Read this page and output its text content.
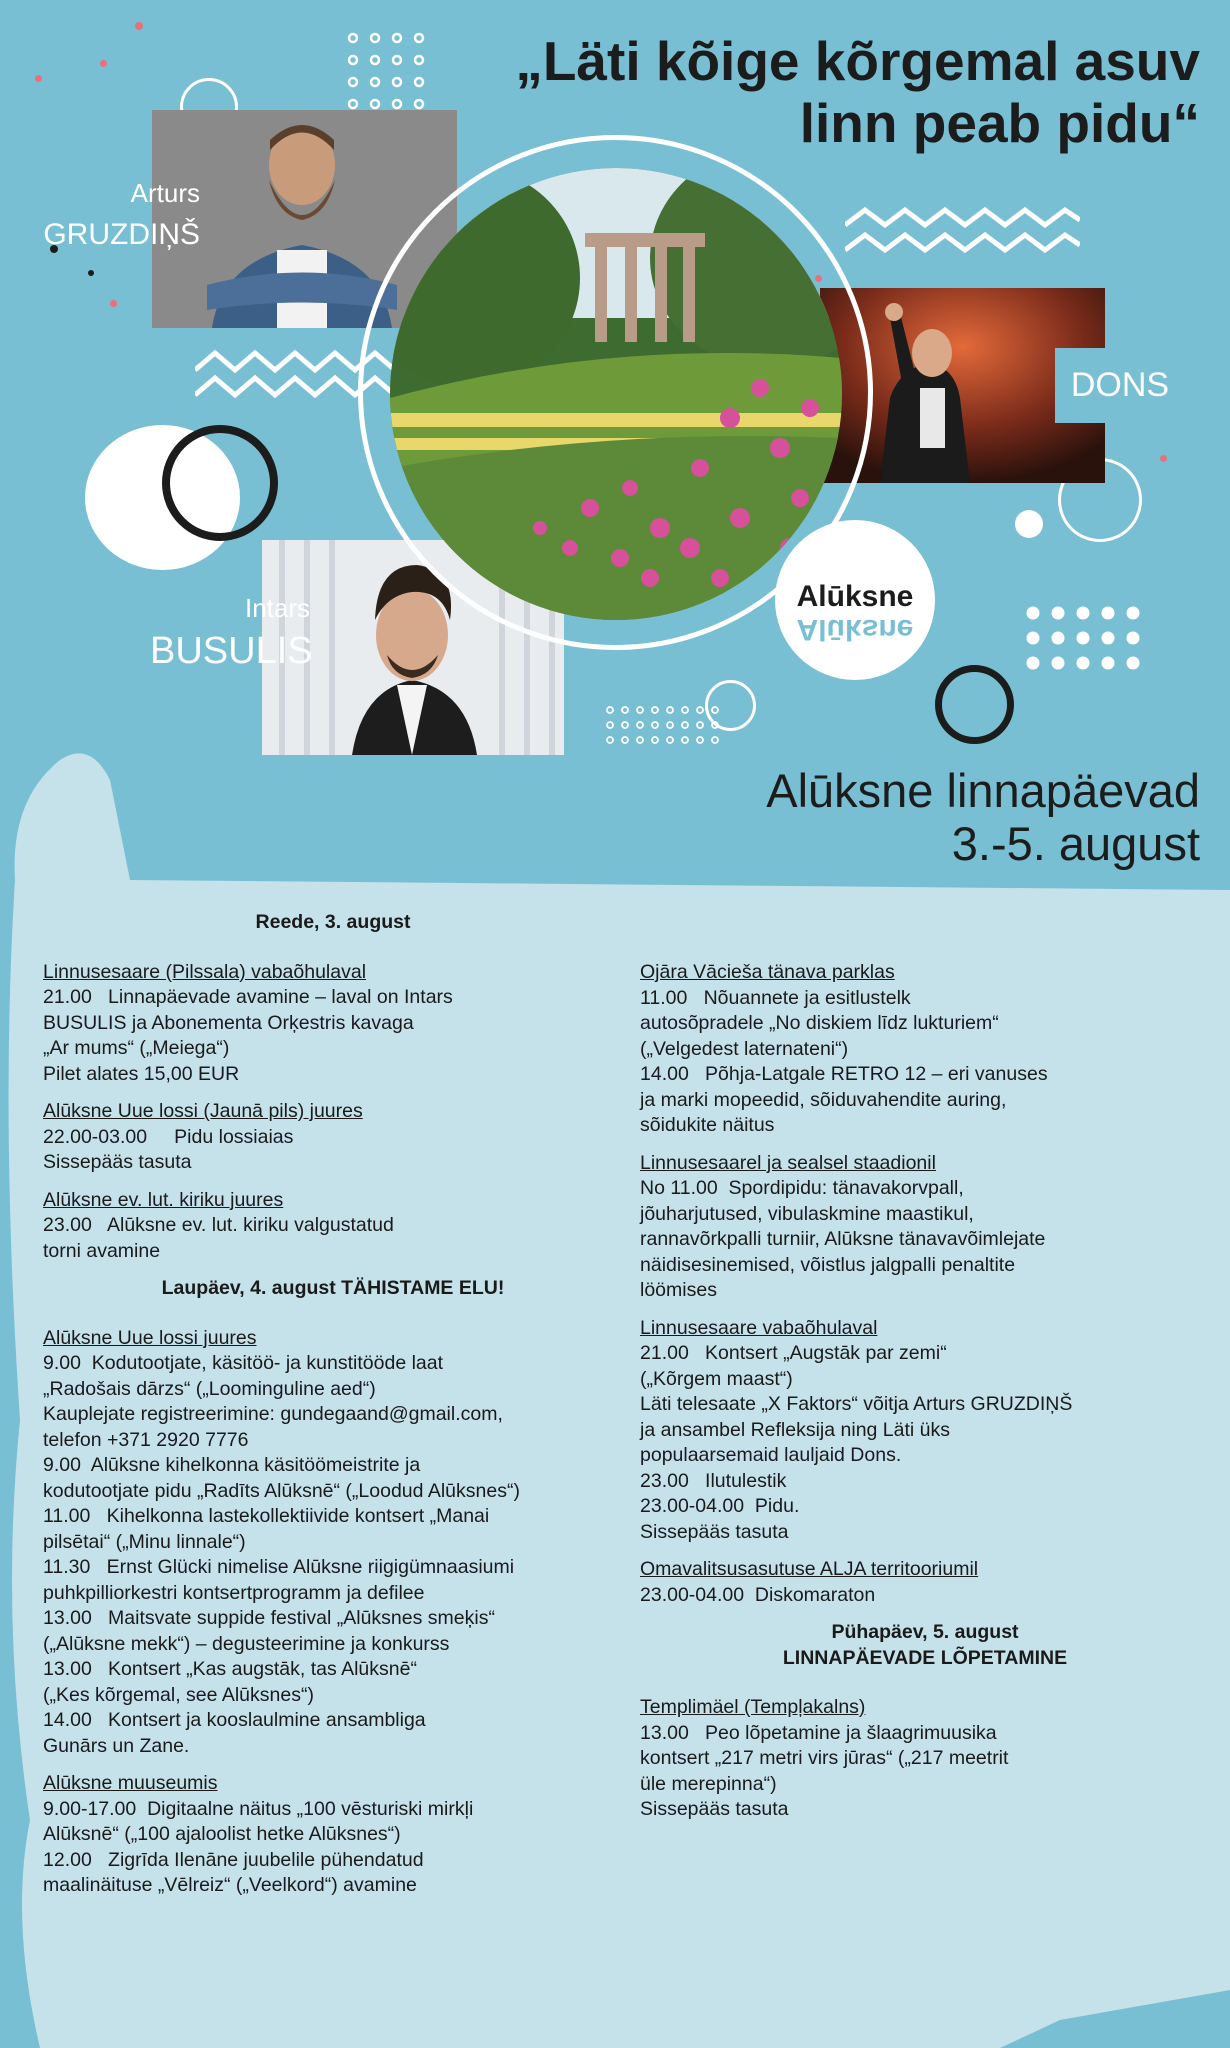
Arturs
GRUZDIŅŠ
DONS
Intars
BUSULIS
Alūksne
Alūksne
„Läti kõige kõrgemal asuv
linn peab pidu“
Alūksne linnapäevad
3.-5. august
Reede, 3. august
Linnusesaare (Pilssala) vabaõhulaval
21.00   Linnapäevade avamine – laval on Intars
BUSULIS ja Abonementa Orķestris kavaga
„Ar mums“ („Meiega“)
Pilet alates 15,00 EUR
Alūksne Uue lossi (Jaunā pils) juures
22.00-03.00     Pidu lossiaias
Sissepääs tasuta
Alūksne ev. lut. kiriku juures
23.00   Alūksne ev. lut. kiriku valgustatud
torni avamine
Laupäev, 4. august TÄHISTAME ELU!
Alūksne Uue lossi juures
9.00  Kodutootjate, käsitöö- ja kunstitööde laat
„Radošais dārzs“ („Loominguline aed“)
Kauplejate registreerimine: gundegaand@gmail.com,
telefon +371 2920 7776
9.00  Alūksne kihelkonna käsitöömeistrite ja
kodutootjate pidu „Radīts Alūksnē“ („Loodud Alūksnes“)
11.00   Kihelkonna lastekollektiivide kontsert „Manai
pilsētai“ („Minu linnale“)
11.30   Ernst Glücki nimelise Alūksne riigigümnaasiumi
puhkpilliorkestri kontsertprogramm ja defilee
13.00   Maitsvate suppide festival „Alūksnes smeķis“
(„Alūksne mekk“) – degusteerimine ja konkurss
13.00   Kontsert „Kas augstāk, tas Alūksnē“
(„Kes kõrgemal, see Alūksnes“)
14.00   Kontsert ja kooslaulmine ansambliga
Gunārs un Zane.
Alūksne muuseumis
9.00-17.00  Digitaalne näitus „100 vēsturiski mirkļi
Alūksnē“ („100 ajaloolist hetke Alūksnes“)
12.00   Zigrīda Ilenāne juubelile pühendatud
maalinäituse „Vēlreiz“ („Veelkord“) avamine
Ojāra Vācieša tänava parklas
11.00   Nõuannete ja esitlustelk
autosõpradele „No diskiem līdz lukturiem“
(„Velgedest laternateni“)
14.00   Põhja-Latgale RETRO 12 – eri vanuses
ja marki mopeedid, sõiduvahendite auring,
sõidukite näitus
Linnusesaarel ja sealsel staadionil
No 11.00  Spordipidu: tänavakorvpall,
jõuharjutused, vibulaskmine maastikul,
rannavõrkpalli turniir, Alūksne tänavavõimlejate
näidisesinemised, võistlus jalgpalli penaltite
löömises
Linnusesaare vabaõhulaval
21.00   Kontsert „Augstāk par zemi“
(„Kõrgem maast“)
Läti telesaate „X Faktors“ võitja Arturs GRUZDIŅŠ
ja ansambel Refleksija ning Läti üks
populaarsemaid lauljaid Dons.
23.00   Ilutulestik
23.00-04.00  Pidu.
Sissepääs tasuta
Omavalitsusasutuse ALJA territooriumil
23.00-04.00  Diskomaraton
Pühapäev, 5. august
LINNAPÄEVADE LÕPETAMINE
Templimäel (Tempļakalns)
13.00   Peo lõpetamine ja šlaagrimuusika
kontsert „217 metri virs jūras“ („217 meetrit
üle merepinna“)
Sissepääs tasuta
